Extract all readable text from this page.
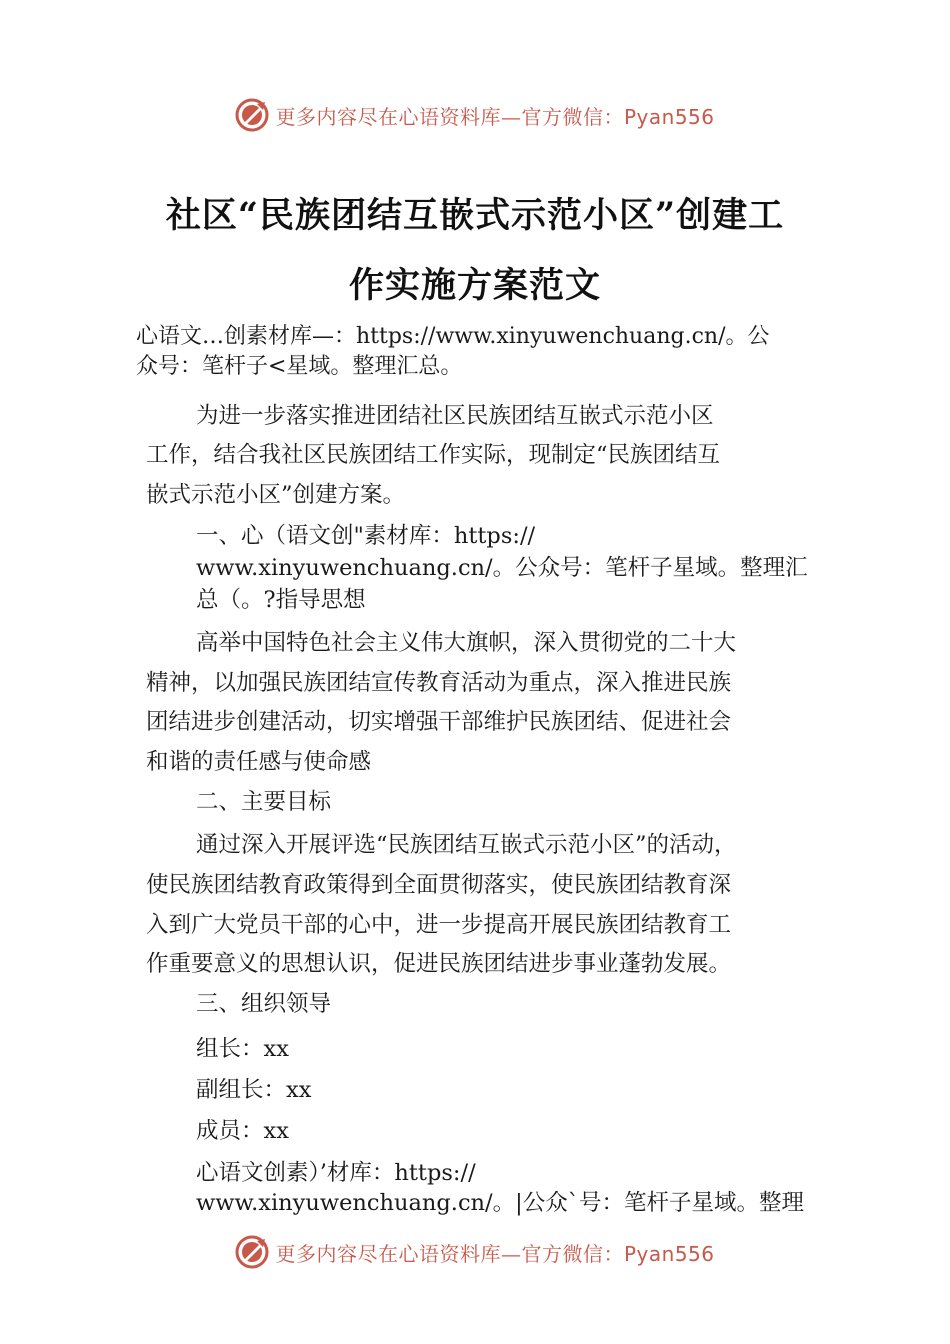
更多内容尽在心语资料库—官方微信：Pyan556
社区“民族团结互嵌式示范小区”创建工
作实施方案范文
心语文…创素材库—：https://www.xinyuwenchuang.cn/。公
众号：笔杆子<星域。整理汇总。
为进一步落实推进团结社区民族团结互嵌式示范小区
工作，结合我社区民族团结工作实际，现制定“民族团结互
嵌式示范小区”创建方案。
一、心（语文创"素材库：https://
www.xinyuwenchuang.cn/。公众号：笔杆子星域。整理汇
总（。?指导思想
高举中国特色社会主义伟大旗帜，深入贯彻党的二十大
精神，以加强民族团结宣传教育活动为重点，深入推进民族
团结进步创建活动，切实增强干部维护民族团结、促进社会
和谐的责任感与使命感
二、主要目标
通过深入开展评选“民族团结互嵌式示范小区”的活动，
使民族团结教育政策得到全面贯彻落实，使民族团结教育深
入到广大党员干部的心中，进一步提高开展民族团结教育工
作重要意义的思想认识，促进民族团结进步事业蓬勃发展。
三、组织领导
组长：xx
副组长：xx
成员：xx
心语文创素）’材库：https://
www.xinyuwenchuang.cn/。|公众`号：笔杆子星域。整理
更多内容尽在心语资料库—官方微信：Pyan556
